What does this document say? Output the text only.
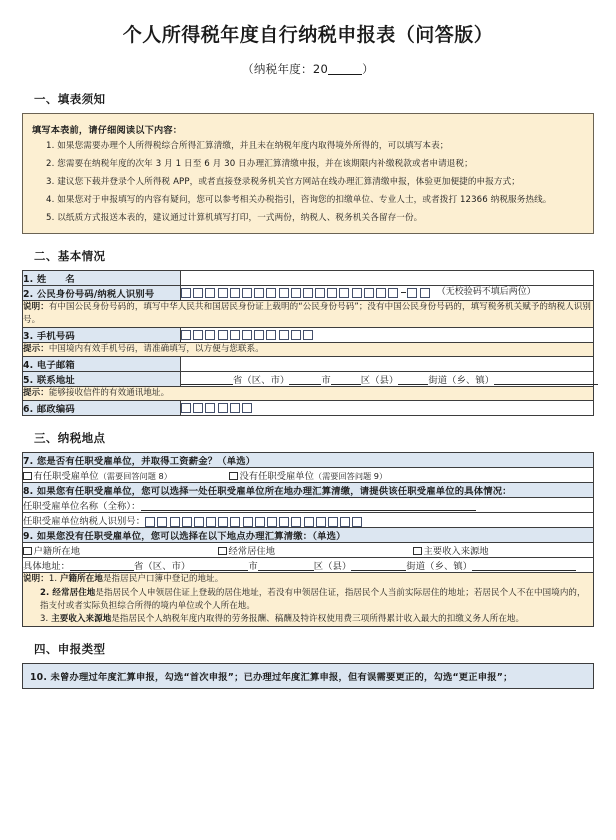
个人所得税年度自行纳税申报表（问答版）
（纳税年度：20	）
一、填表须知
填写本表前，请仔细阅读以下内容：
1. 如果您需要办理个人所得税综合所得汇算清缴，并且未在纳税年度内取得境外所得的，可以填写本表；
2. 您需要在纳税年度的次年 3 月 1 日至 6 月 30 日办理汇算清缴申报，并在该期限内补缴税款或者申请退税；
3. 建议您下载并登录个人所得税 APP，或者直接登录税务机关官方网站在线办理汇算清缴申报，体验更加便捷的申报方式；
4. 如果您对于申报填写的内容有疑问，您可以参考相关办税指引，咨询您的扣缴单位、专业人士，或者拨打 12366 纳税服务热线。
5. 以纸质方式报送本表的，建议通过计算机填写打印，一式两份，纳税人、税务机关各留存一份。
二、基本情况
1. 姓　　名	
2. 公民身份号码/纳税人识别号	（无校验码不填后两位）
说明：有中国公民身份号码的，填写中华人民共和国居民身份证上载明的“公民身份号码”；没有中国公民身份号码的，填写税务机关赋予的纳税人识别号。	
3. 手机号码	
提示：中国境内有效手机号码，请准确填写，以方便与您联系。	
4. 电子邮箱	
5. 联系地址	省（区、市） 市 区（县） 街道（乡、镇）
提示：能够接收信件的有效通讯地址。	
6. 邮政编码	
三、纳税地点
7. 您是否有任职受雇单位，并取得工资薪金？（单选）

有任职受雇单位（需要回答问题 8）	没有任职受雇单位（需要回答问题 9）

8. 如果您有任职受雇单位，您可以选择一处任职受雇单位所在地办理汇算清缴，请提供该任职受雇单位的具体情况：
任职受雇单位名称（全称）：
任职受雇单位纳税人识别号：
9. 如果您没有任职受雇单位，您可以选择在以下地点办理汇算清缴：（单选）

户籍所在地	经常居住地	主要收入来源地

具体地址：	省（区、市）	市	区（县）	街道（乡、镇）
说明：1. 户籍所在地是指居民户口簿中登记的地址。
2. 经常居住地是指居民个人申领居住证上登载的居住地址，若没有申领居住证，指居民个人当前实际居住的地址；若居民个人不在中国境内的，指支付或者实际负担综合所得的境内单位或个人所在地。
3. 主要收入来源地是指居民个人纳税年度内取得的劳务报酬、稿酬及特许权使用费三项所得累计收入最大的扣缴义务人所在地。
四、申报类型
10. 未曾办理过年度汇算申报，勾选“首次申报”；已办理过年度汇算申报，但有误需要更正的，勾选“更正申报”；
